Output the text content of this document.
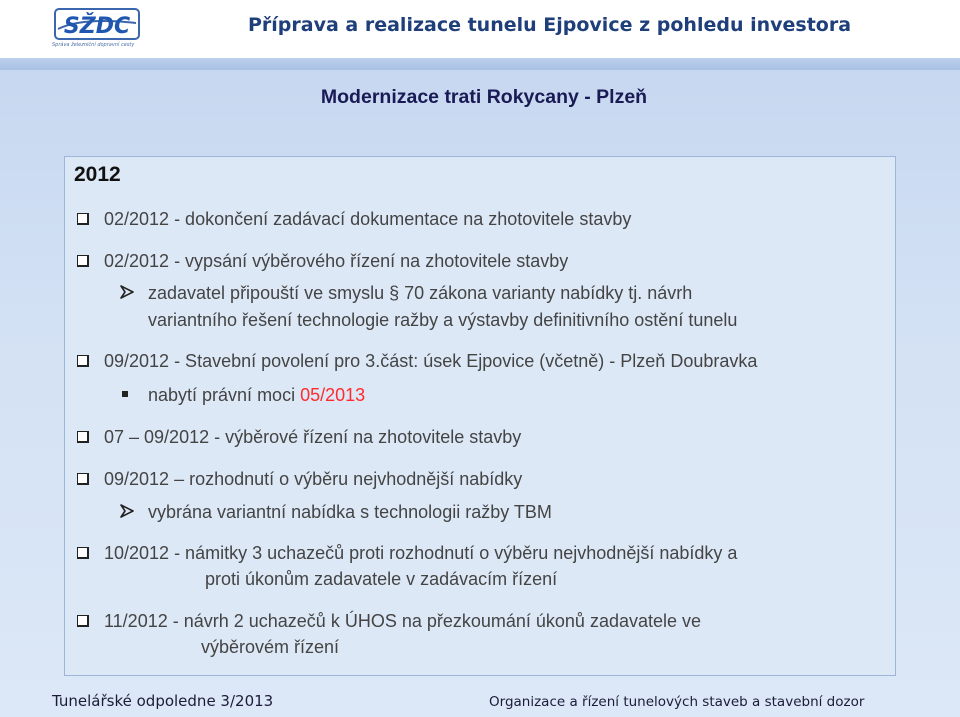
SŽDC
Správa železniční dopravní cesty
Příprava a realizace tunelu Ejpovice z pohledu investora
Modernizace trati Rokycany - Plzeň
2012
02/2012 - dokončení zadávací dokumentace na zhotovitele stavby
02/2012 - vypsání výběrového řízení na zhotovitele stavby
zadavatel připouští ve smyslu § 70 zákona varianty nabídky tj. návrh
variantního řešení technologie ražby a výstavby definitivního ostění tunelu
09/2012 - Stavební povolení pro 3.část: úsek Ejpovice (včetně) - Plzeň Doubravka
nabytí právní moci 05/2013
07 – 09/2012 - výběrové řízení na zhotovitele stavby
09/2012 – rozhodnutí o výběru nejvhodnější nabídky
vybrána variantní nabídka s technologii ražby TBM
10/2012 - námitky 3 uchazečů proti rozhodnutí o výběru nejvhodnější nabídky a
proti úkonům zadavatele v zadávacím řízení
11/2012 - návrh 2 uchazečů k ÚHOS na přezkoumání úkonů zadavatele ve
výběrovém řízení
Tunelářské odpoledne 3/2013	Organizace a řízení tunelových staveb a stavební dozor
